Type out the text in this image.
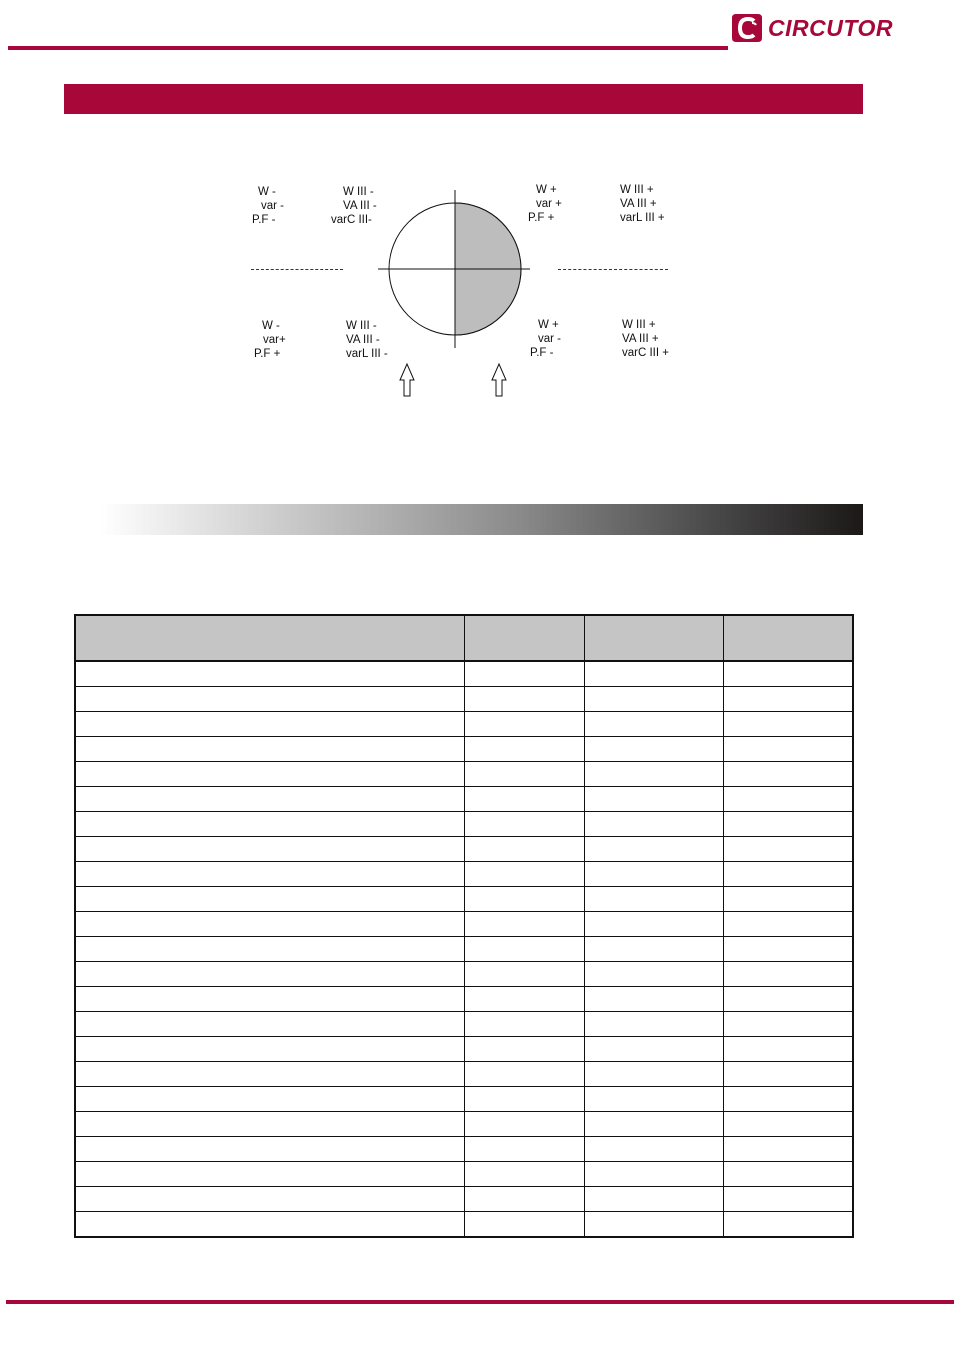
CIRCUTOR
W -
var -
P.F -
W III -
VA III -
varC III-
W +
var +
P.F +
W III +
VA III +
varL III +
W -
var+
P.F +
W III -
VA III -
varL III -
W +
var -
P.F -
W III +
VA III +
varC III +
